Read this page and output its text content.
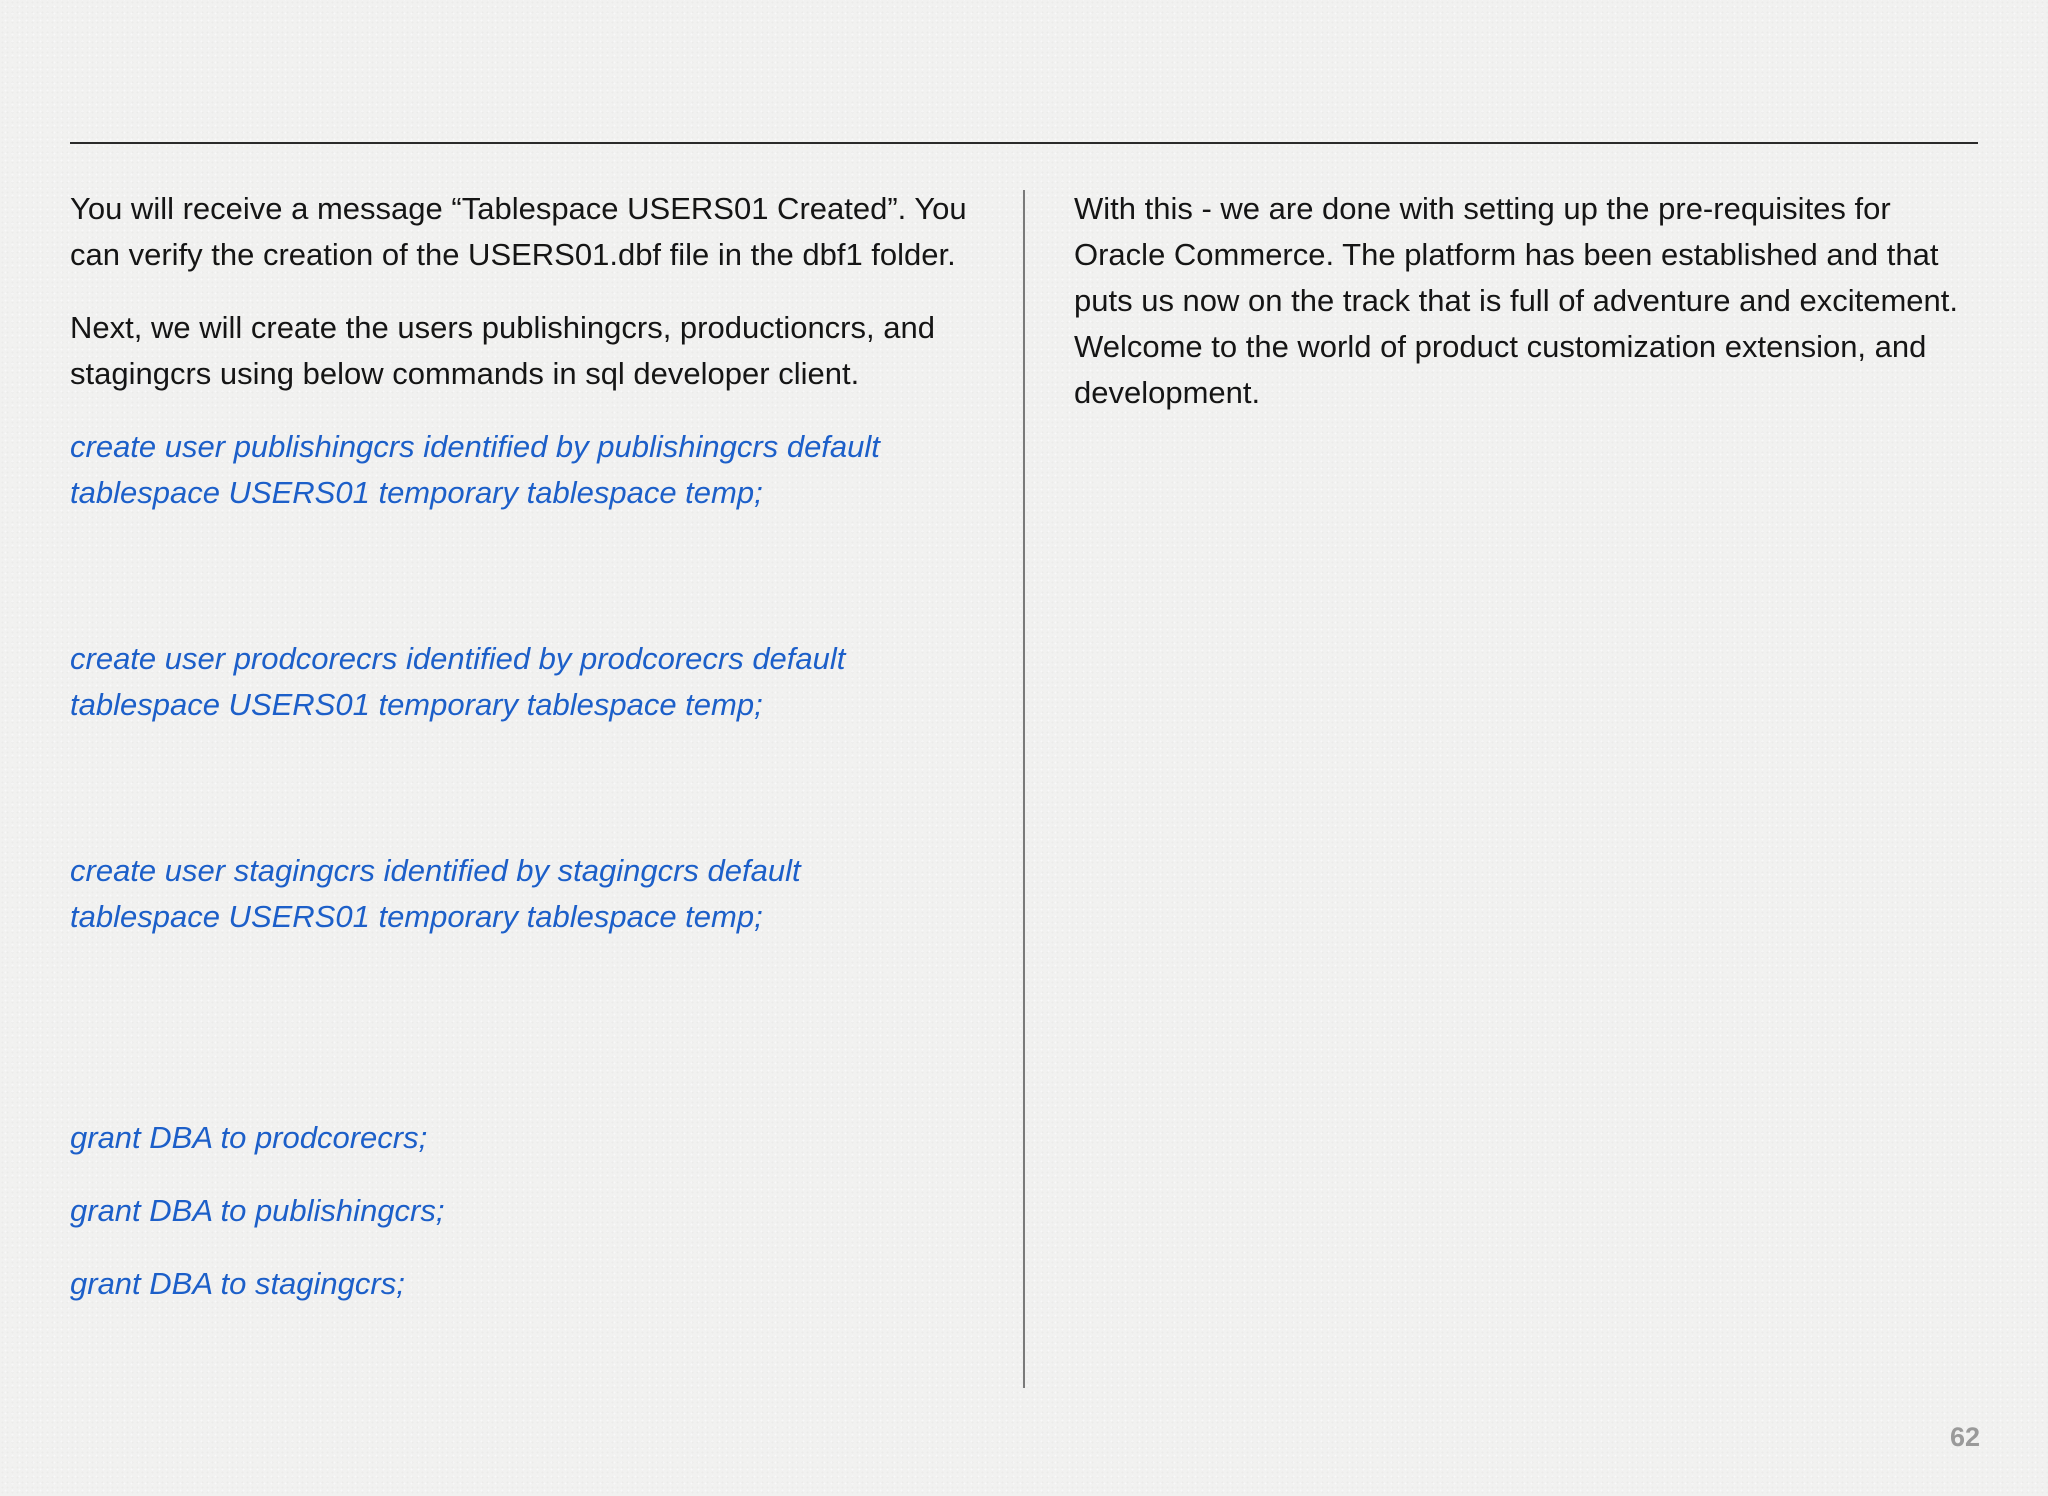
You will receive a message “Tablespace USERS01 Created”. You can verify the creation of the USERS01.dbf file in the dbf1 folder.

Next, we will create the users publishingcrs, productioncrs, and stagingcrs using below commands in sql developer client.

create user publishingcrs identified by publishingcrs default

tablespace USERS01 temporary tablespace temp;

create user prodcorecrs identified by prodcorecrs default

tablespace USERS01 temporary tablespace temp;

create user stagingcrs identified by stagingcrs default

tablespace USERS01 temporary tablespace temp;

grant DBA to prodcorecrs;

grant DBA to publishingcrs;

grant DBA to stagingcrs;

With this - we are done with setting up the pre-requisites for Oracle Commerce. The platform has been established and that puts us now on the track that is full of adventure and excitement. Welcome to the world of product customization extension, and development.

62
